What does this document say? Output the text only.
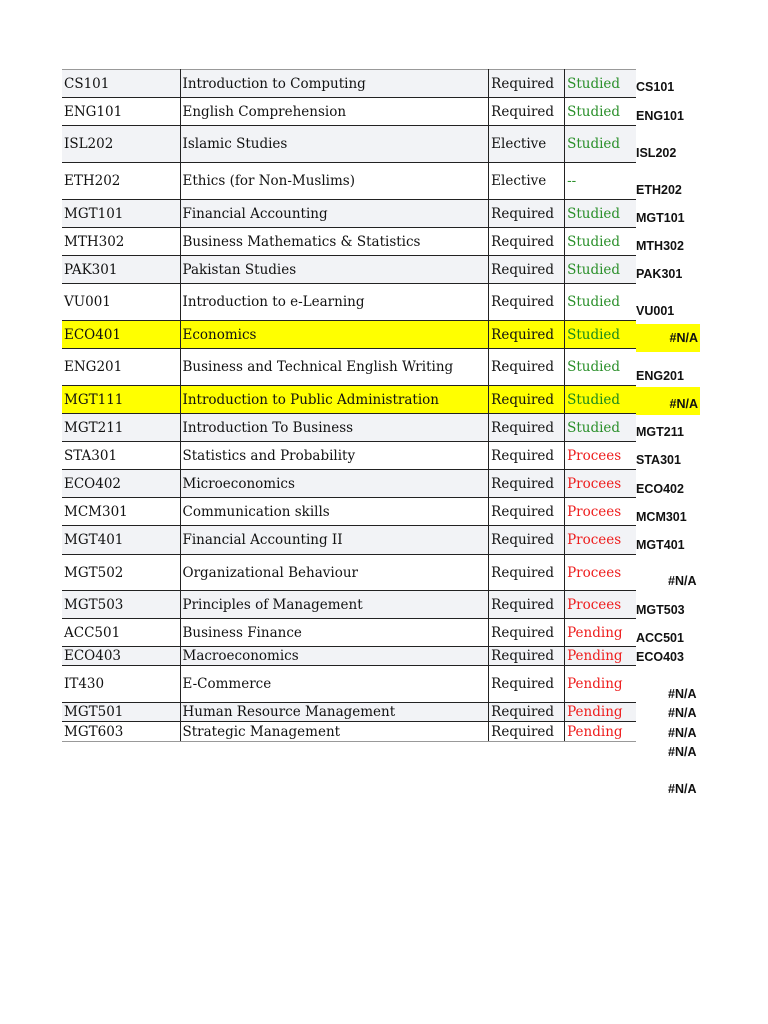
CS101	Introduction to Computing	Required	Studied
ENG101	English Comprehension	Required	Studied
ISL202	Islamic Studies	Elective	Studied
ETH202	Ethics (for Non-Muslims)	Elective	--
MGT101	Financial Accounting	Required	Studied
MTH302	Business Mathematics & Statistics	Required	Studied
PAK301	Pakistan Studies	Required	Studied
VU001	Introduction to e-Learning	Required	Studied
ECO401	Economics	Required	Studied
ENG201	Business and Technical English Writing	Required	Studied
MGT111	Introduction to Public Administration	Required	Studied
MGT211	Introduction To Business	Required	Studied
STA301	Statistics and Probability	Required	Procees
ECO402	Microeconomics	Required	Procees
MCM301	Communication skills	Required	Procees
MGT401	Financial Accounting II	Required	Procees
MGT502	Organizational Behaviour	Required	Procees
MGT503	Principles of Management	Required	Procees
ACC501	Business Finance	Required	Pending
ECO403	Macroeconomics	Required	Pending
IT430	E-Commerce	Required	Pending
MGT501	Human Resource Management	Required	Pending
MGT603	Strategic Management	Required	Pending
CS101
ENG101
ISL202
ETH202
MGT101
MTH302
PAK301
VU001
#N/A
ENG201
#N/A
MGT211
STA301
ECO402
MCM301
MGT401
#N/A
MGT503
ACC501
ECO403
#N/A
#N/A
#N/A
#N/A
#N/A
